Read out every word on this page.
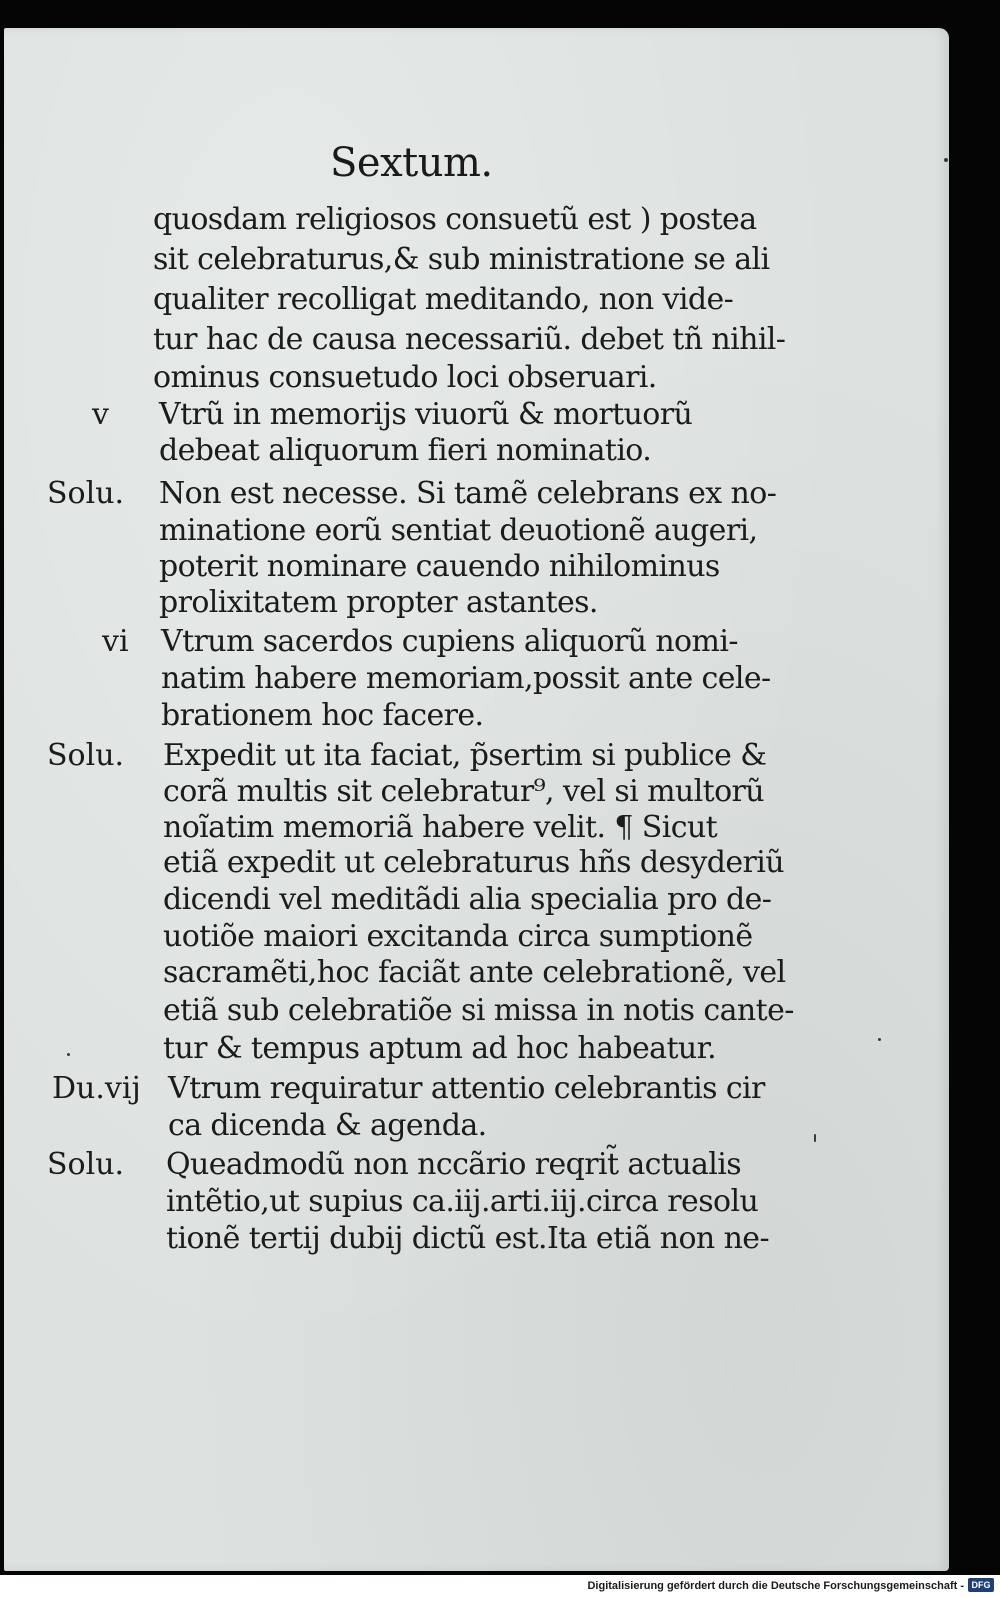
Sextum.
quosdam religiosos consuetũ est ) postea
sit celebraturus,& sub ministratione se ali
qualiter recolligat meditando, non vide-
tur hac de causa necessariũ. debet tñ nihil-
ominus consuetudo loci obseruari.
Vtrũ in memorijs viuorũ & mortuorũ
debeat aliquorum fieri nominatio.
Non est necesse. Si tamẽ celebrans ex no-
minatione eorũ sentiat deuotionẽ augeri,
poterit nominare cauendo nihilominus
prolixitatem propter astantes.
Vtrum sacerdos cupiens aliquorũ nomi-
natim habere memoriam,possit ante cele-
brationem hoc facere.
Expedit ut ita faciat, p̃sertim si publice &
corã multis sit celebratur⁹, vel si multorũ
noĩatim memoriã habere velit. ¶ Sicut
etiã expedit ut celebraturus hñs desyderiũ
dicendi vel meditãdi alia specialia pro de-
uotiõe maiori excitanda circa sumptionẽ
sacramẽti,hoc faciãt ante celebrationẽ, vel
etiã sub celebratiõe si missa in notis cante-
tur & tempus aptum ad hoc habeatur.
Vtrum requiratur attentio celebrantis cir
ca dicenda & agenda.
Queadmodũ non nccãrio reqrit̃ actualis
intẽtio,ut supius ca.iij.arti.iij.circa resolu
tionẽ tertij dubij dictũ est.Ita etiã non ne-
v
Solu.
vi
Solu.
Du.vij
Solu.
Digitalisierung gefördert durch die Deutsche Forschungsgemeinschaft - DFG
